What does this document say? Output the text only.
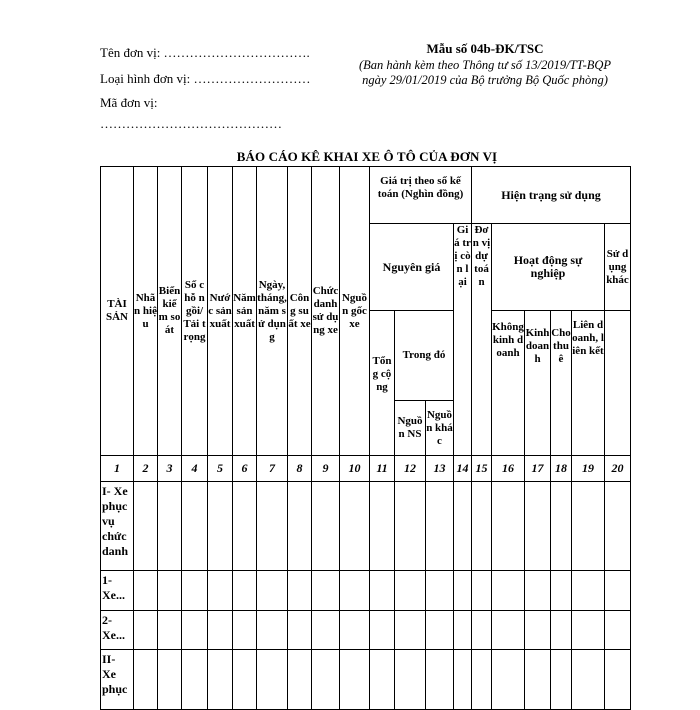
Tên đơn vị: …………………………….
Loại hình đơn vị: ………………………
Mã đơn vị:
……………………………………
Mẫu số 04b-ĐK/TSC
(Ban hành kèm theo Thông tư số 13/2019/TT-BQP
ngày 29/01/2019 của Bộ trưởng Bộ Quốc phòng)
BÁO CÁO KÊ KHAI XE Ô TÔ CỦA ĐƠN VỊ
TÀI SẢN	Nhãn hiệu	Biển kiểm soát	Số chỗ ngồi/ Tải trọng	Nước sản xuất	Năm sản xuất	Ngày, tháng, năm sử dụng	Công suất xe	Chức danh sử dụng xe	Nguồn gốc xe	Giá trị theo sổ kế toán (Nghìn đồng)				Hiện trạng sử dụng					
										Nguyên giá			Giá trị còn lại	Đơn vị dự toán	Hoạt động sự nghiệp				Sử dụng khác
										Tổng cộng	Trong đó				Không kinh doanh	Kinh doanh	Cho thuê	Liên doanh, liên kết	
											Nguồn NS	Nguồn khác							
1	2	3	4	5	6	7	8	9	10	11	12	13	14	15	16	17	18	19	20
I- Xe phục vụ chức danh																			
1- Xe...																			
2- Xe...																			
II- Xe phục																			
